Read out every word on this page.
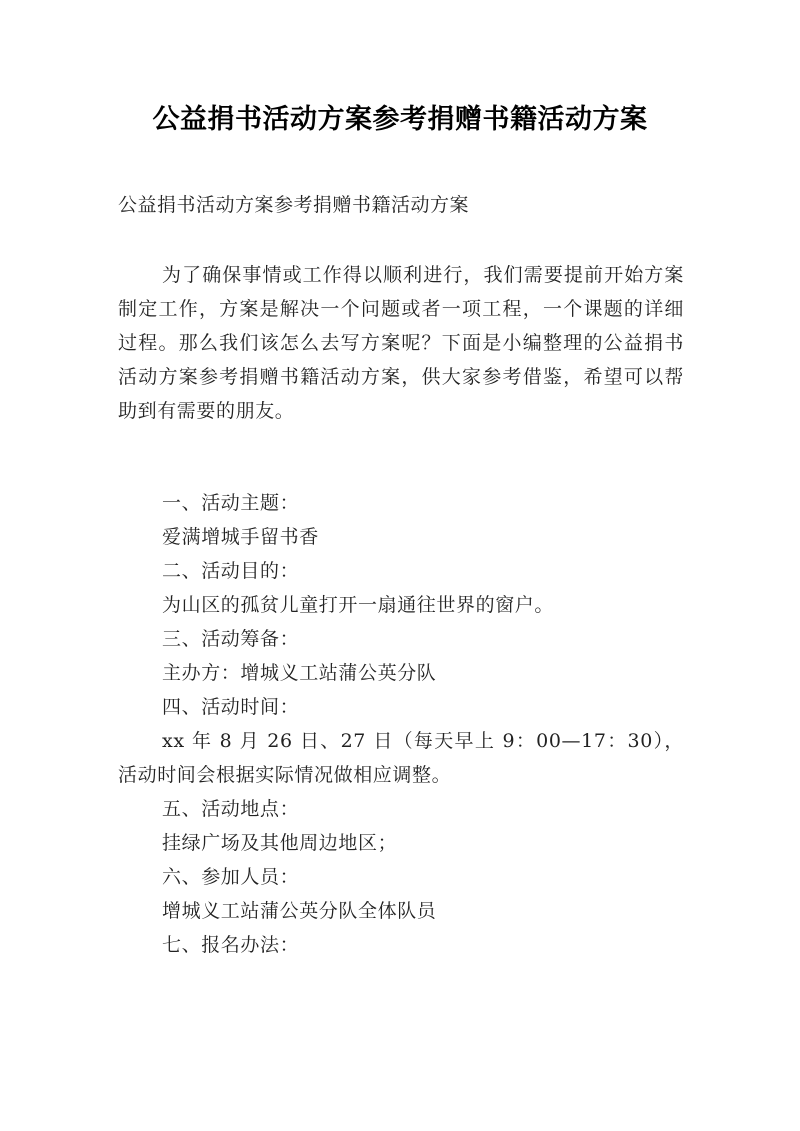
公益捐书活动方案参考捐赠书籍活动方案

公益捐书活动方案参考捐赠书籍活动方案

为了确保事情或工作得以顺利进行，我们需要提前开始方案制定工作，方案是解决一个问题或者一项工程，一个课题的详细过程。那么我们该怎么去写方案呢？下面是小编整理的公益捐书活动方案参考捐赠书籍活动方案，供大家参考借鉴，希望可以帮助到有需要的朋友。

一、活动主题：
爱满增城手留书香
二、活动目的：
为山区的孤贫儿童打开一扇通往世界的窗户。
三、活动筹备：
主办方：增城义工站蒲公英分队
四、活动时间：
xx 年 8 月 26 日、27 日（每天早上 9：00—17：30），活动时间会根据实际情况做相应调整。
五、活动地点：
挂绿广场及其他周边地区；
六、参加人员：
增城义工站蒲公英分队全体队员
七、报名办法：
